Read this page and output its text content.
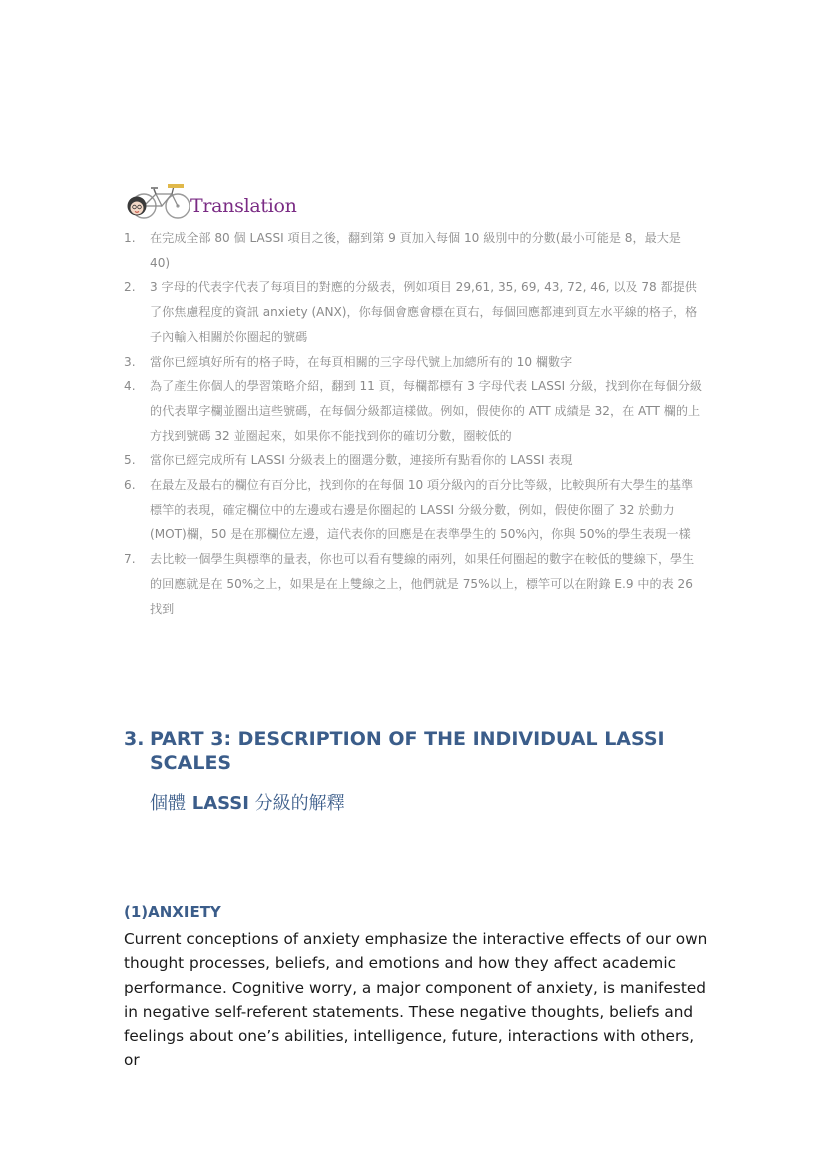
Translation
1. 在完成全部 80 個 LASSI 項目之後，翻到第 9 頁加入每個 10 級別中的分數(最小可能是 8，最大是 40)
2. 3 字母的代表字代表了每項目的對應的分級表，例如項目 29,61, 35, 69, 43, 72, 46, 以及 78 都提供了你焦慮程度的資訊 anxiety (ANX)，你每個會應會標在頁右，每個回應都連到頁左水平線的格子，格子內輸入相關於你圈起的號碼
3. 當你已經填好所有的格子時，在每頁相關的三字母代號上加總所有的 10 欄數字
4. 為了產生你個人的學習策略介紹，翻到 11 頁，每欄都標有 3 字母代表 LASSI 分級，找到你在每個分級的代表單字欄並圈出這些號碼，在每個分級都這樣做。例如，假使你的 ATT 成績是 32，在 ATT 欄的上方找到號碼 32 並圈起來，如果你不能找到你的確切分數，圈較低的
5. 當你已經完成所有 LASSI 分級表上的圈選分數，連接所有點看你的 LASSI 表現
6. 在最左及最右的欄位有百分比，找到你的在每個 10 項分級內的百分比等級，比較與所有大學生的基準標竿的表現，確定欄位中的左邊或右邊是你圈起的 LASSI 分級分數，例如，假使你圈了 32 於動力(MOT)欄，50 是在那欄位左邊，這代表你的回應是在表準學生的 50%內，你與 50%的學生表現一樣
7. 去比較一個學生與標準的量表，你也可以看有雙線的兩列，如果任何圈起的數字在較低的雙線下，學生的回應就是在 50%之上，如果是在上雙線之上，他們就是 75%以上，標竿可以在附錄 E.9 中的表 26 找到
3. PART 3: DESCRIPTION OF THE INDIVIDUAL LASSI SCALES
個體 LASSI 分級的解釋
(1)ANXIETY
Current conceptions of anxiety emphasize the interactive effects of our own thought processes, beliefs, and emotions and how they affect academic performance. Cognitive worry, a major component of anxiety, is manifested in negative self-referent statements. These negative thoughts, beliefs and feelings about one’s abilities, intelligence, future, interactions with others, or
